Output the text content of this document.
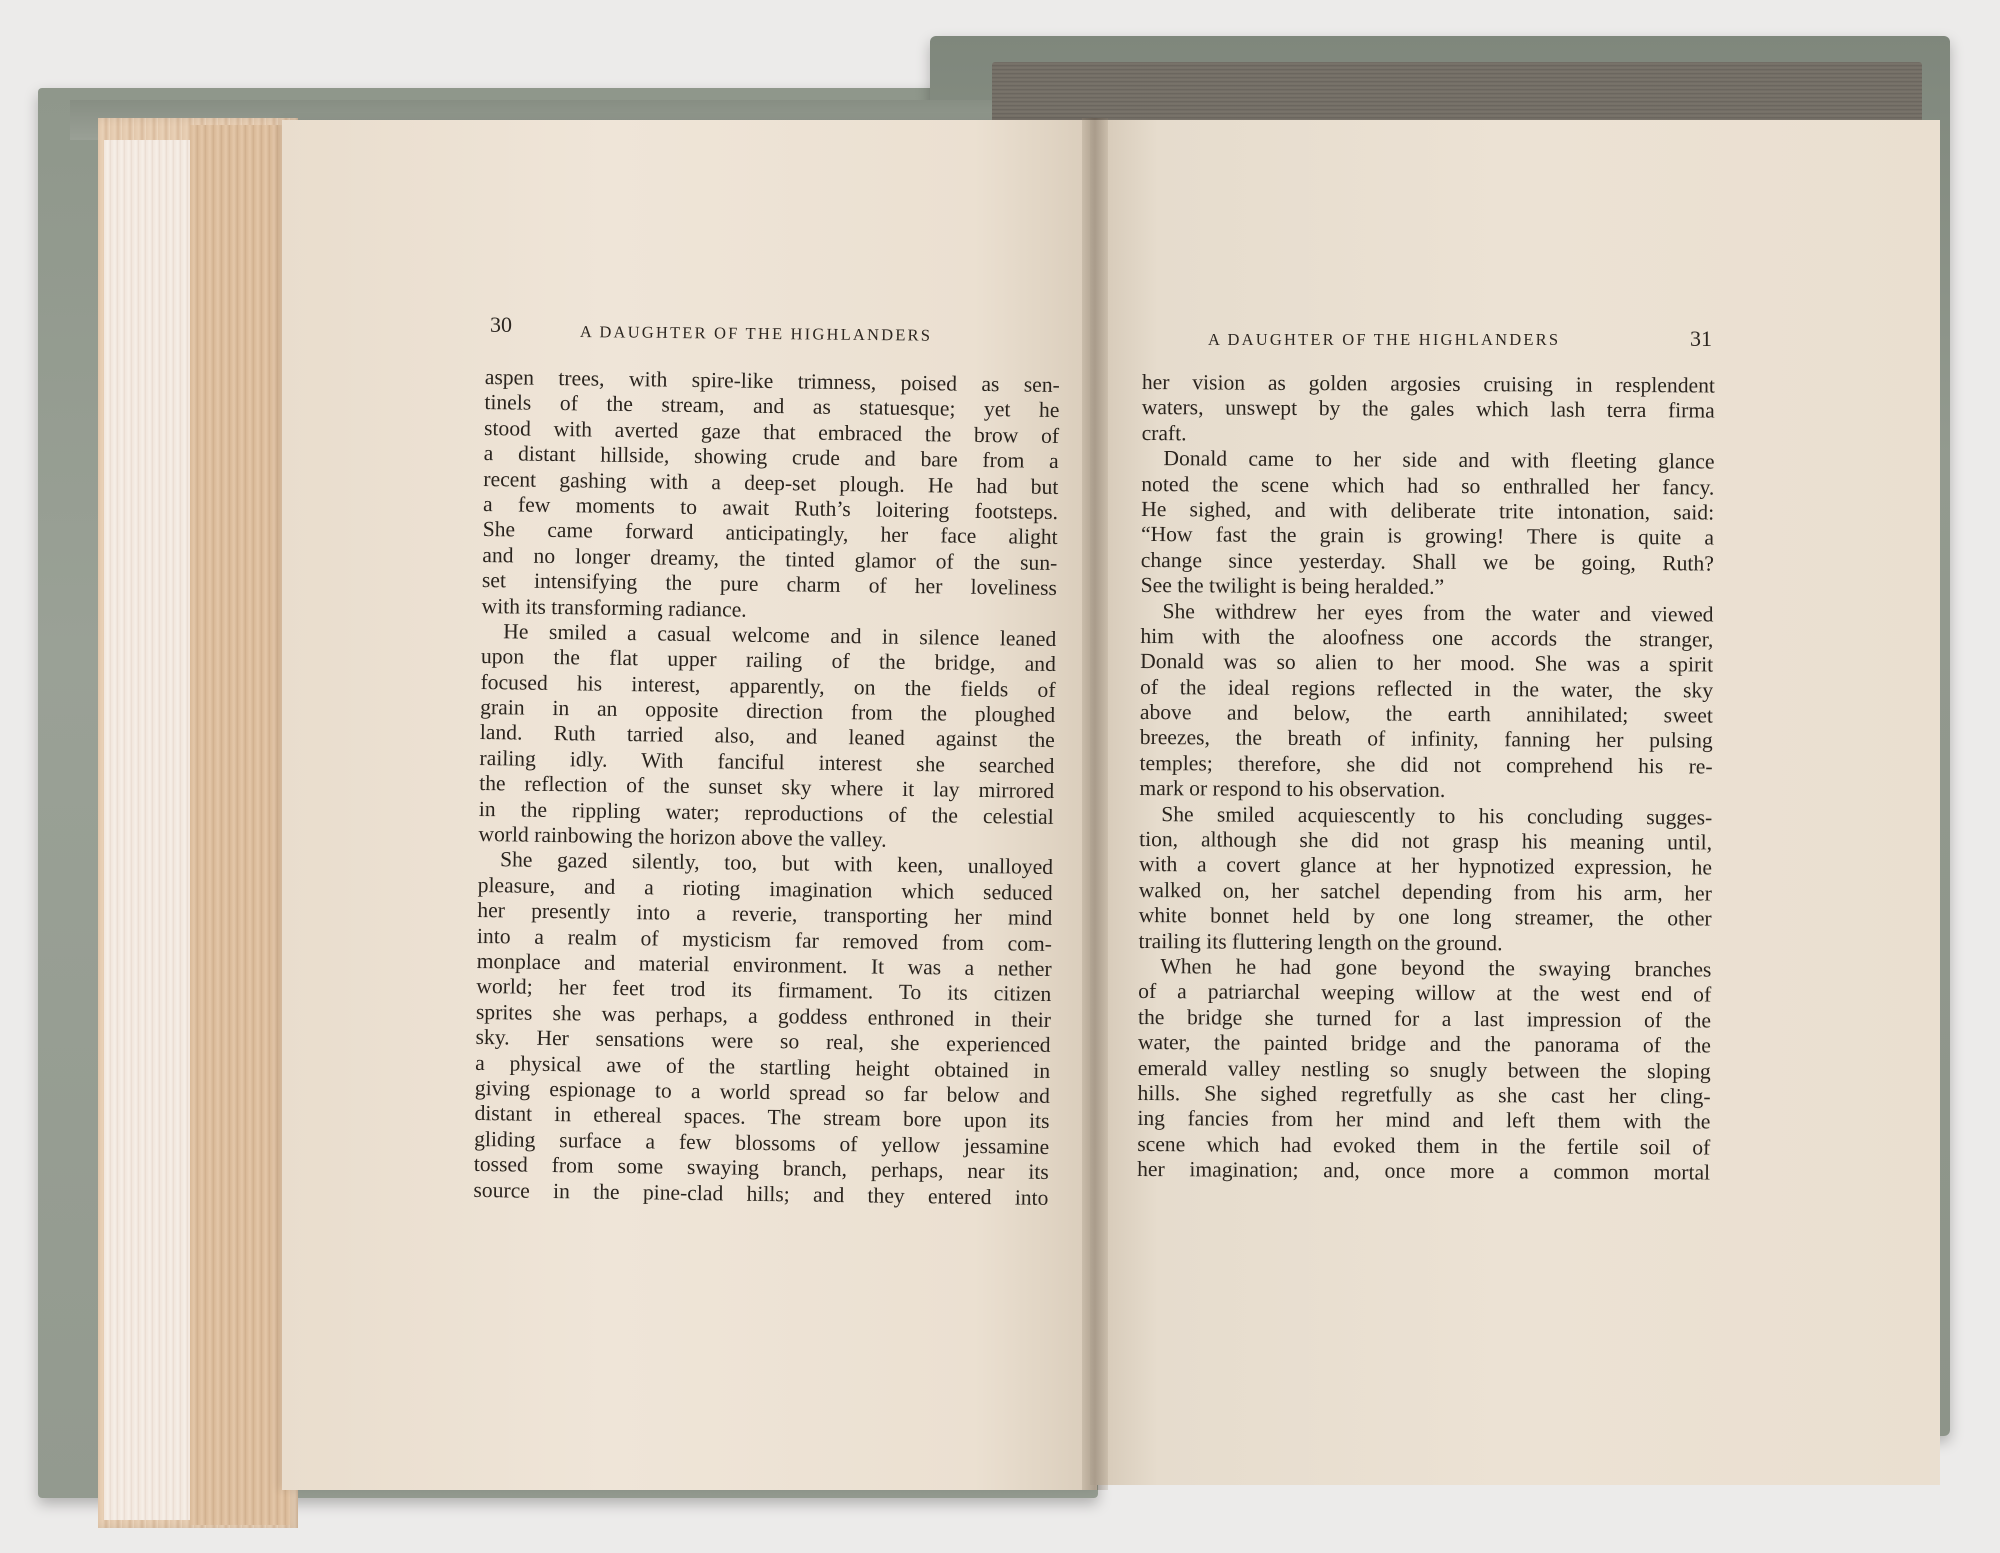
30	A DAUGHTER OF THE HIGHLANDERS	A DAUGHTER OF THE HIGHLANDERS	31
aspen trees, with spire-like trimness, poised as sen-
tinels of the stream, and as statuesque; yet he
stood with averted gaze that embraced the brow of
a distant hillside, showing crude and bare from a
recent gashing with a deep-set plough. He had but
a few moments to await Ruth’s loitering footsteps.
She came forward anticipatingly, her face alight
and no longer dreamy, the tinted glamor of the sun-
set intensifying the pure charm of her loveliness
with its transforming radiance.
He smiled a casual welcome and in silence leaned
upon the flat upper railing of the bridge, and
focused his interest, apparently, on the fields of
grain in an opposite direction from the ploughed
land. Ruth tarried also, and leaned against the
railing idly. With fanciful interest she searched
the reflection of the sunset sky where it lay mirrored
in the rippling water; reproductions of the celestial
world rainbowing the horizon above the valley.
She gazed silently, too, but with keen, unalloyed
pleasure, and a rioting imagination which seduced
her presently into a reverie, transporting her mind
into a realm of mysticism far removed from com-
monplace and material environment. It was a nether
world; her feet trod its firmament. To its citizen
sprites she was perhaps, a goddess enthroned in their
sky. Her sensations were so real, she experienced
a physical awe of the startling height obtained in
giving espionage to a world spread so far below and
distant in ethereal spaces. The stream bore upon its
gliding surface a few blossoms of yellow jessamine
tossed from some swaying branch, perhaps, near its
source in the pine-clad hills; and they entered into
her vision as golden argosies cruising in resplendent
waters, unswept by the gales which lash terra firma
craft.
Donald came to her side and with fleeting glance
noted the scene which had so enthralled her fancy.
He sighed, and with deliberate trite intonation, said:
“How fast the grain is growing! There is quite a
change since yesterday. Shall we be going, Ruth?
See the twilight is being heralded.”
She withdrew her eyes from the water and viewed
him with the aloofness one accords the stranger,
Donald was so alien to her mood. She was a spirit
of the ideal regions reflected in the water, the sky
above and below, the earth annihilated; sweet
breezes, the breath of infinity, fanning her pulsing
temples; therefore, she did not comprehend his re-
mark or respond to his observation.
She smiled acquiescently to his concluding sugges-
tion, although she did not grasp his meaning until,
with a covert glance at her hypnotized expression, he
walked on, her satchel depending from his arm, her
white bonnet held by one long streamer, the other
trailing its fluttering length on the ground.
When he had gone beyond the swaying branches
of a patriarchal weeping willow at the west end of
the bridge she turned for a last impression of the
water, the painted bridge and the panorama of the
emerald valley nestling so snugly between the sloping
hills. She sighed regretfully as she cast her cling-
ing fancies from her mind and left them with the
scene which had evoked them in the fertile soil of
her imagination; and, once more a common mortal
